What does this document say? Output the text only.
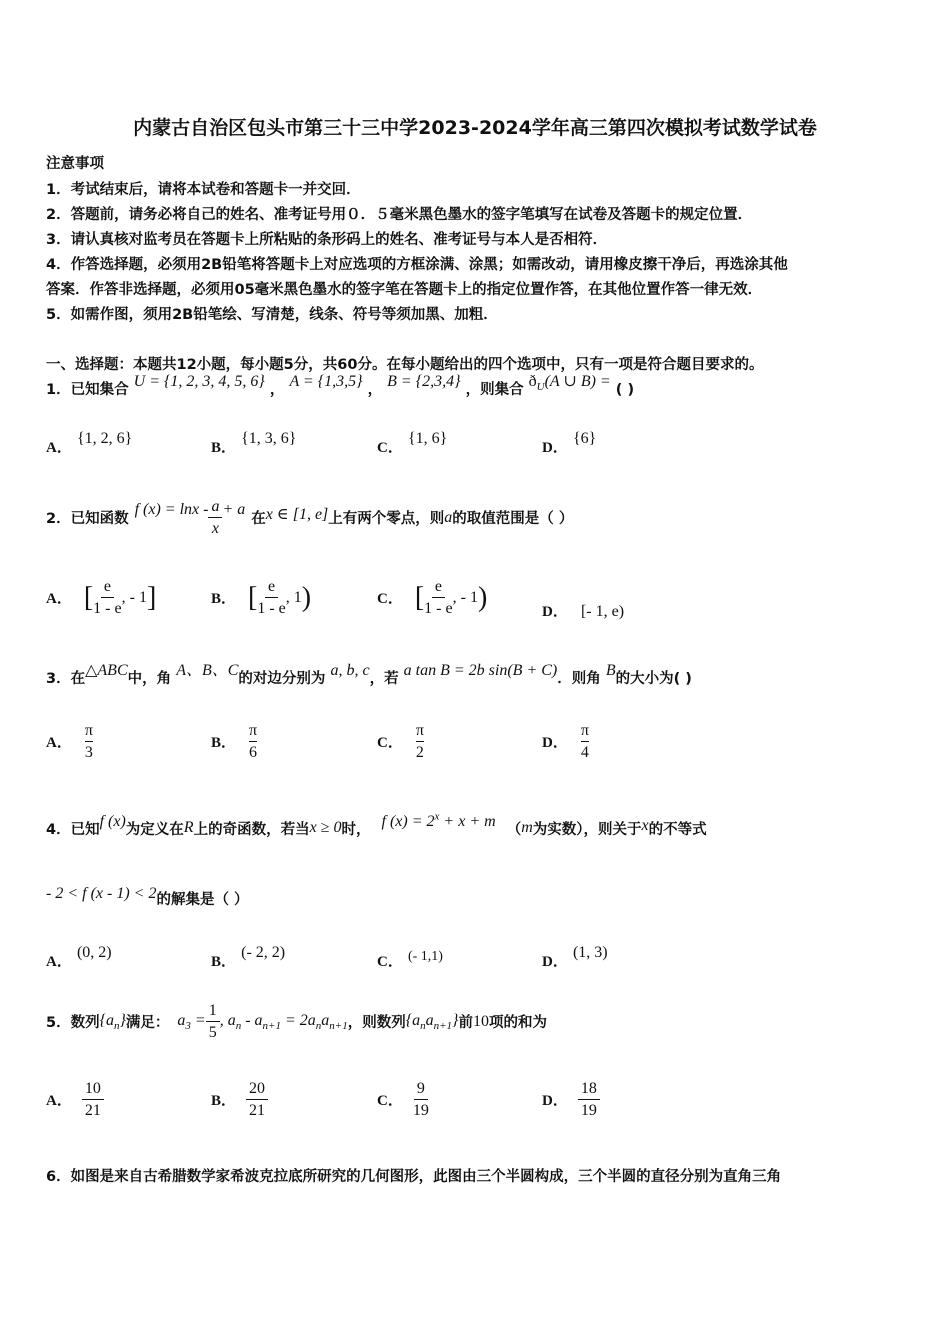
内蒙古自治区包头市第三十三中学2023-2024学年高三第四次模拟考试数学试卷
注意事项
1．考试结束后，请将本试卷和答题卡一并交回．
2．答题前，请务必将自己的姓名、准考证号用０．５毫米黑色墨水的签字笔填写在试卷及答题卡的规定位置．
3．请认真核对监考员在答题卡上所粘贴的条形码上的姓名、准考证号与本人是否相符．
4．作答选择题，必须用2B铅笔将答题卡上对应选项的方框涂满、涂黑；如需改动，请用橡皮擦干净后，再选涂其他
答案．作答非选择题，必须用05毫米黑色墨水的签字笔在答题卡上的指定位置作答，在其他位置作答一律无效．
5．如需作图，须用2B铅笔绘、写清楚，线条、符号等须加黑、加粗．
一、选择题：本题共12小题，每小题5分，共60分。在每小题给出的四个选项中，只有一项是符合题目要求的。
1．已知集合 U = {1, 2, 3, 4, 5, 6} ， A = {1,3,5} ， B = {2,3,4} ，则集合 $ð_U(A$ ∪ B) = ( )
A． {1, 2, 6}
B． {1, 3, 6}
C． {1, 6}
D． {6}
2．已知函数
f $(x) = \ln x - \frac{a}{x} + a$
在 x ∈ [1, e] 上有两个零点，则 a 的取值范围是（ ）
A． [ $\frac{e}{1 - e}$ , - 1 ]	B． [ $\frac{e}{1 - e}$ , 1 )	C． [ $\frac{e}{1 - e}$ , - 1 )	D． [- 1, e)
3．在△ABC中，角 A、B、C的对边分别为 a, b, c，若 a tan B = 2b sin(B + C)．则角 B的大小为( )
A． $\frac{\pi}{3}$	B． $\frac{\pi}{6}$	C． $\frac{\pi}{2}$	D． $\frac{\pi}{4}$
4．已知f (x)为定义在R上的奇函数，若当x ≥ 0时， f $(x) = 2^x + x + m$ （m为实数），则关于x的不等式
- 2 < f (x - 1) < 2的解集是（ ）
A． (0, 2)
B． (- 2, 2)
C． (- 1,1)	D． (1, 3)
5．数列 $\{a_n\}$ 满足： $a_3 = \frac{1}{5}$ , $a_n - a_{n+1} = 2a_na_{n+1}$ ，则数列 $\{a_na_{n+1}\}$ 前 10 项的和为
A． $\frac{10}{21}$	B． $\frac{20}{21}$	C． $\frac{9}{19}$	D． $\frac{18}{19}$
6．如图是来自古希腊数学家希波克拉底所研究的几何图形，此图由三个半圆构成，三个半圆的直径分别为直角三角
